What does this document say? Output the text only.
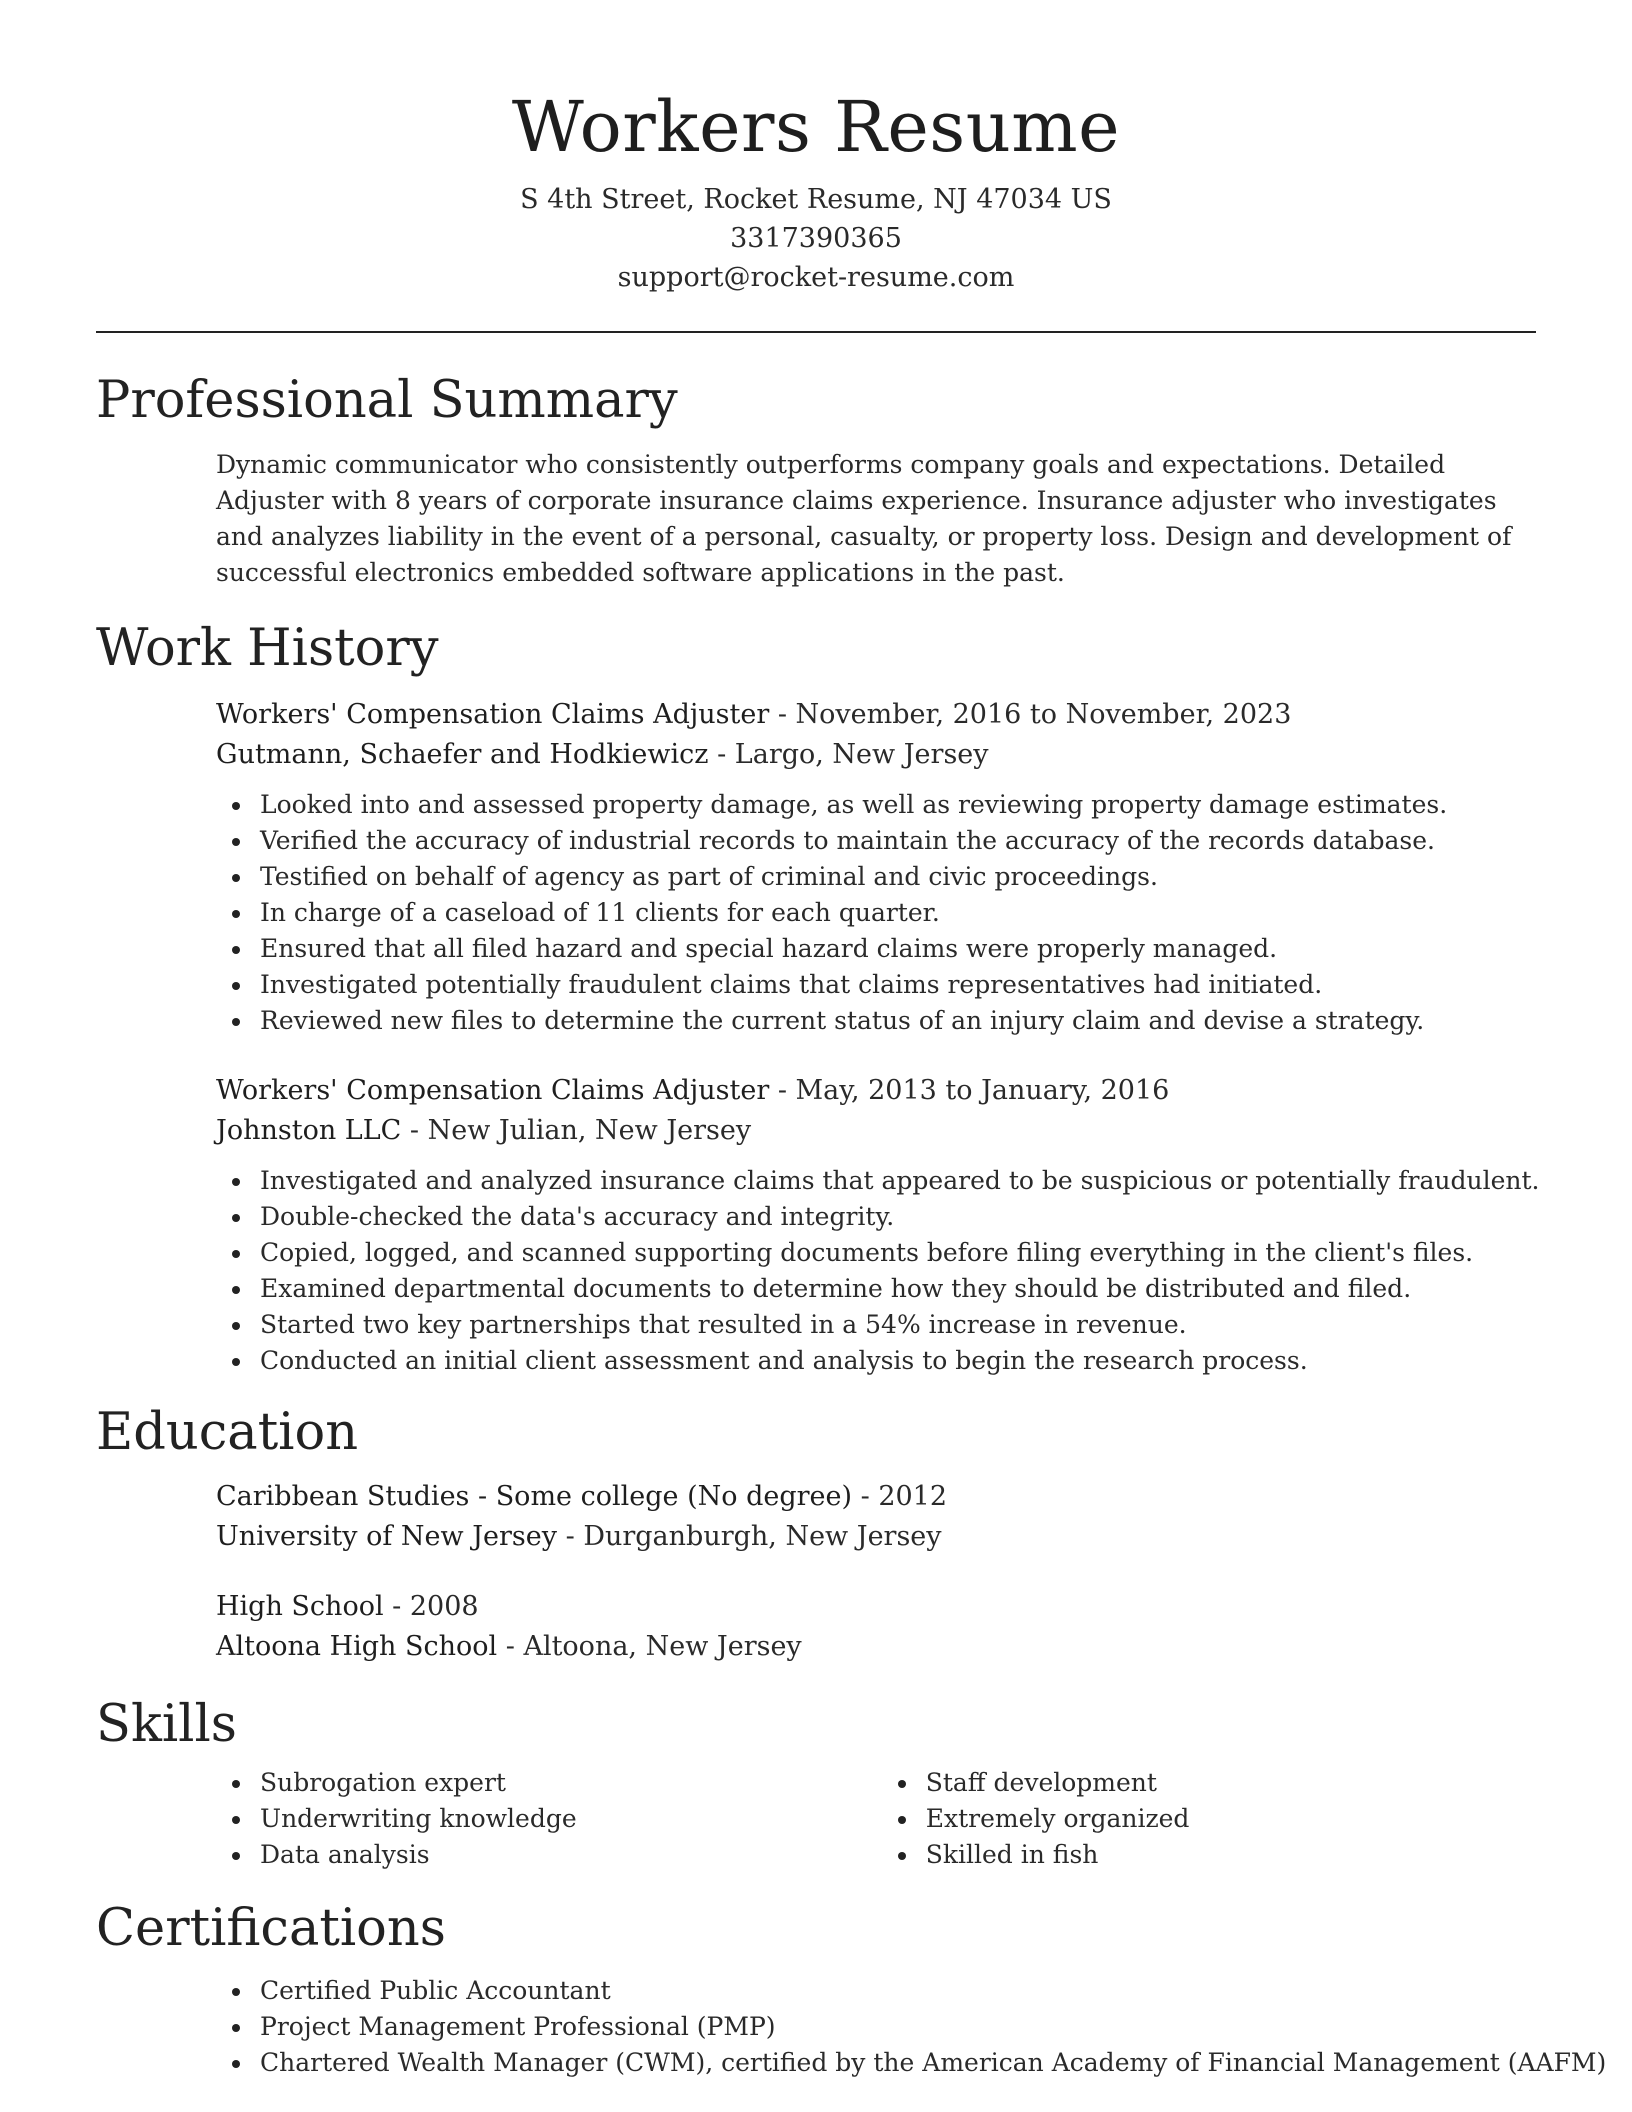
Workers Resume
S 4th Street, Rocket Resume, NJ 47034 US
3317390365
support@rocket-resume.com
Professional Summary

Dynamic communicator who consistently outperforms company goals and expectations. Detailed Adjuster with 8 years of corporate insurance claims experience. Insurance adjuster who investigates and analyzes liability in the event of a personal, casualty, or property loss. Design and development of successful electronics embedded software applications in the past.

Work History
Workers' Compensation Claims Adjuster - November, 2016 to November, 2023
Gutmann, Schaefer and Hodkiewicz - Largo, New Jersey
Looked into and assessed property damage, as well as reviewing property damage estimates.
Verified the accuracy of industrial records to maintain the accuracy of the records database.
Testified on behalf of agency as part of criminal and civic proceedings.
In charge of a caseload of 11 clients for each quarter.
Ensured that all filed hazard and special hazard claims were properly managed.
Investigated potentially fraudulent claims that claims representatives had initiated.
Reviewed new files to determine the current status of an injury claim and devise a strategy.
Workers' Compensation Claims Adjuster - May, 2013 to January, 2016
Johnston LLC - New Julian, New Jersey
Investigated and analyzed insurance claims that appeared to be suspicious or potentially fraudulent.
Double-checked the data's accuracy and integrity.
Copied, logged, and scanned supporting documents before filing everything in the client's files.
Examined departmental documents to determine how they should be distributed and filed.
Started two key partnerships that resulted in a 54% increase in revenue.
Conducted an initial client assessment and analysis to begin the research process.
Education
Caribbean Studies - Some college (No degree) - 2012
University of New Jersey - Durganburgh, New Jersey
High School - 2008
Altoona High School - Altoona, New Jersey
Skills
Subrogation expert
Underwriting knowledge
Data analysis
Staff development
Extremely organized
Skilled in fish
Certifications
Certified Public Accountant
Project Management Professional (PMP)
Chartered Wealth Manager (CWM), certified by the American Academy of Financial Management (AAFM)
